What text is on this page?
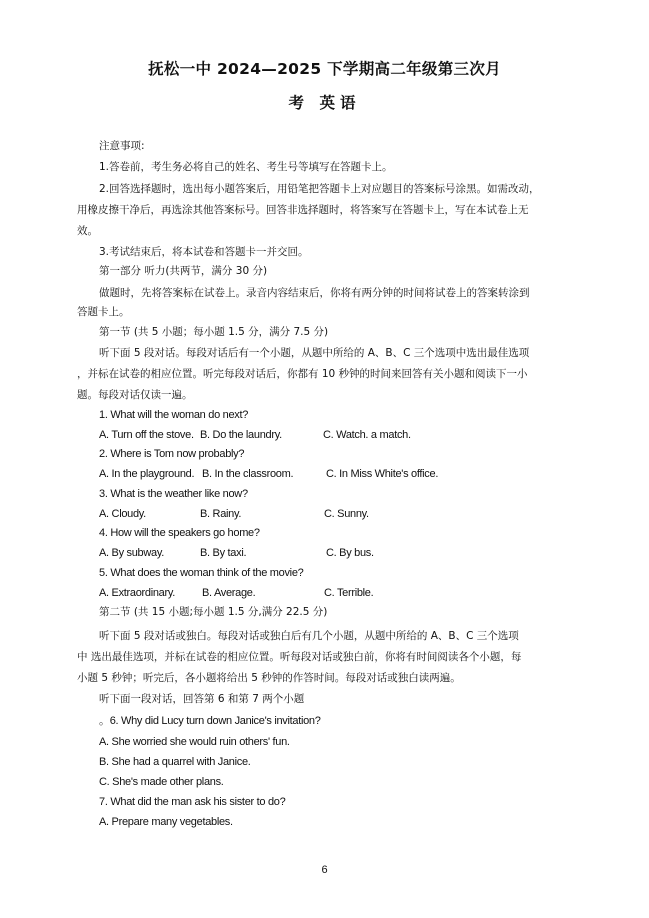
抚松一中 2024—2025 下学期高二年级第三次月
考 英语
注意事项:
1.答卷前，考生务必将自己的姓名、考生号等填写在答题卡上。
2.回答选择题时，选出每小题答案后，用铅笔把答题卡上对应题目的答案标号涂黑。如需改动，
用橡皮擦干净后，再选涂其他答案标号。回答非选择题时，将答案写在答题卡上，写在本试卷上无
效。
3.考试结束后，将本试卷和答题卡一并交回。
第一部分 听力(共两节，满分 30 分)
做题时，先将答案标在试卷上。录音内容结束后，你将有两分钟的时间将试卷上的答案转涂到
答题卡上。
第一节 (共 5 小题；每小题 1.5 分，满分 7.5 分)
听下面 5 段对话。每段对话后有一个小题，从题中所给的 A、B、C 三个选项中选出最佳选项
，并标在试卷的相应位置。听完每段对话后，你都有 10 秒钟的时间来回答有关小题和阅读下一小
题。每段对话仅读一遍。
1. What will the woman do next?
A. Turn off the stove. B. Do the laundry.	C. Watch. a match.
2. Where is Tom now probably?
A. In the playground. B. In the classroom.	C. In Miss White's office.
3. What is the weather like now?
A. Cloudy.	B. Rainy.	C. Sunny.
4. How will the speakers go home?
A. By subway.	B. By taxi.	C. By bus.
5. What does the woman think of the movie?
A. Extraordinary. B. Average.	C. Terrible.
第二节 (共 15 小题;每小题 1.5 分,满分 22.5 分)
听下面 5 段对话或独白。每段对话或独白后有几个小题，从题中所给的 A、B、C 三个选项
中 选出最佳选项，并标在试卷的相应位置。听每段对话或独白前，你将有时间阅读各个小题，每
小题 5 秒钟；听完后，各小题将给出 5 秒钟的作答时间。每段对话或独白读两遍。
听下面一段对话，回答第 6 和第 7 两个小题
。6. Why did Lucy turn down Janice's invitation?
A. She worried she would ruin others' fun.
B. She had a quarrel with Janice.
C. She's made other plans.
7. What did the man ask his sister to do?
A. Prepare many vegetables.
6
